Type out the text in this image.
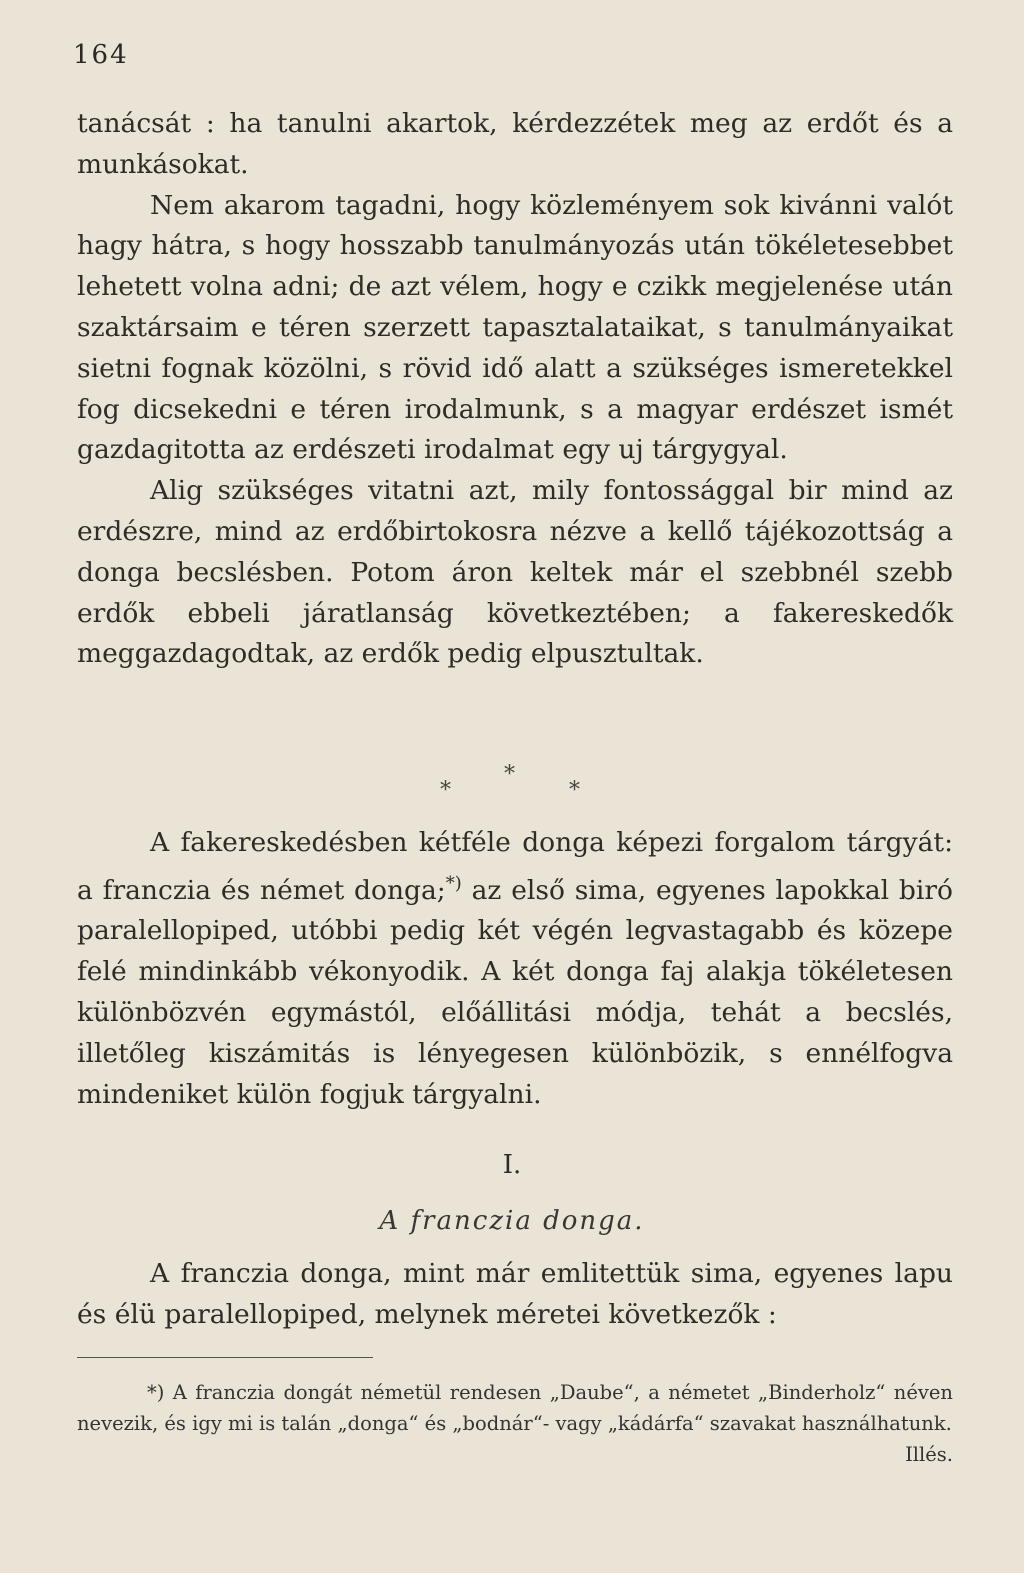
164

tanácsát : ha tanulni akartok, kérdezzétek meg az erdőt és a munkásokat.

Nem akarom tagadni, hogy közleményem sok kivánni valót hagy hátra, s hogy hosszabb tanulmányozás után tökéletesebbet lehetett volna adni; de azt vélem, hogy e czikk megjelenése után szaktársaim e téren szerzett tapasztalataikat, s tanulmányaikat sietni fognak közölni, s rövid idő alatt a szükséges ismeretekkel fog dicsekedni e téren irodalmunk, s a magyar erdészet ismét gazdagitotta az erdészeti irodalmat egy uj tárgygyal.

Alig szükséges vitatni azt, mily fontossággal bir mind az erdészre, mind az erdőbirtokosra nézve a kellő tájékozottság a donga becslésben. Potom áron keltek már el szebbnél szebb erdők ebbeli járatlanság következtében; a fakereskedők meggazdagodtak, az erdők pedig elpusztultak.

*
*	*

A fakereskedésben kétféle donga képezi forgalom tárgyát: a franczia és német donga;*) az első sima, egyenes lapokkal biró paralellopiped, utóbbi pedig két végén legvastagabb és közepe felé mindinkább vékonyodik. A két donga faj alakja tökéletesen különbözvén egymástól, előállitási módja, tehát a becslés, illetőleg kiszámitás is lényegesen különbözik, s ennélfogva mindeniket külön fogjuk tárgyalni.

I.
A franczia donga.

A franczia donga, mint már emlitettük sima, egyenes lapu és élü paralellopiped, melynek méretei következők :

*) A franczia dongát németül rendesen „Daube“, a németet „Binderholz“ néven nevezik, és igy mi is talán „donga“ és „bodnár“- vagy „kádárfa“ szavakat használhatunk.
Illés.
